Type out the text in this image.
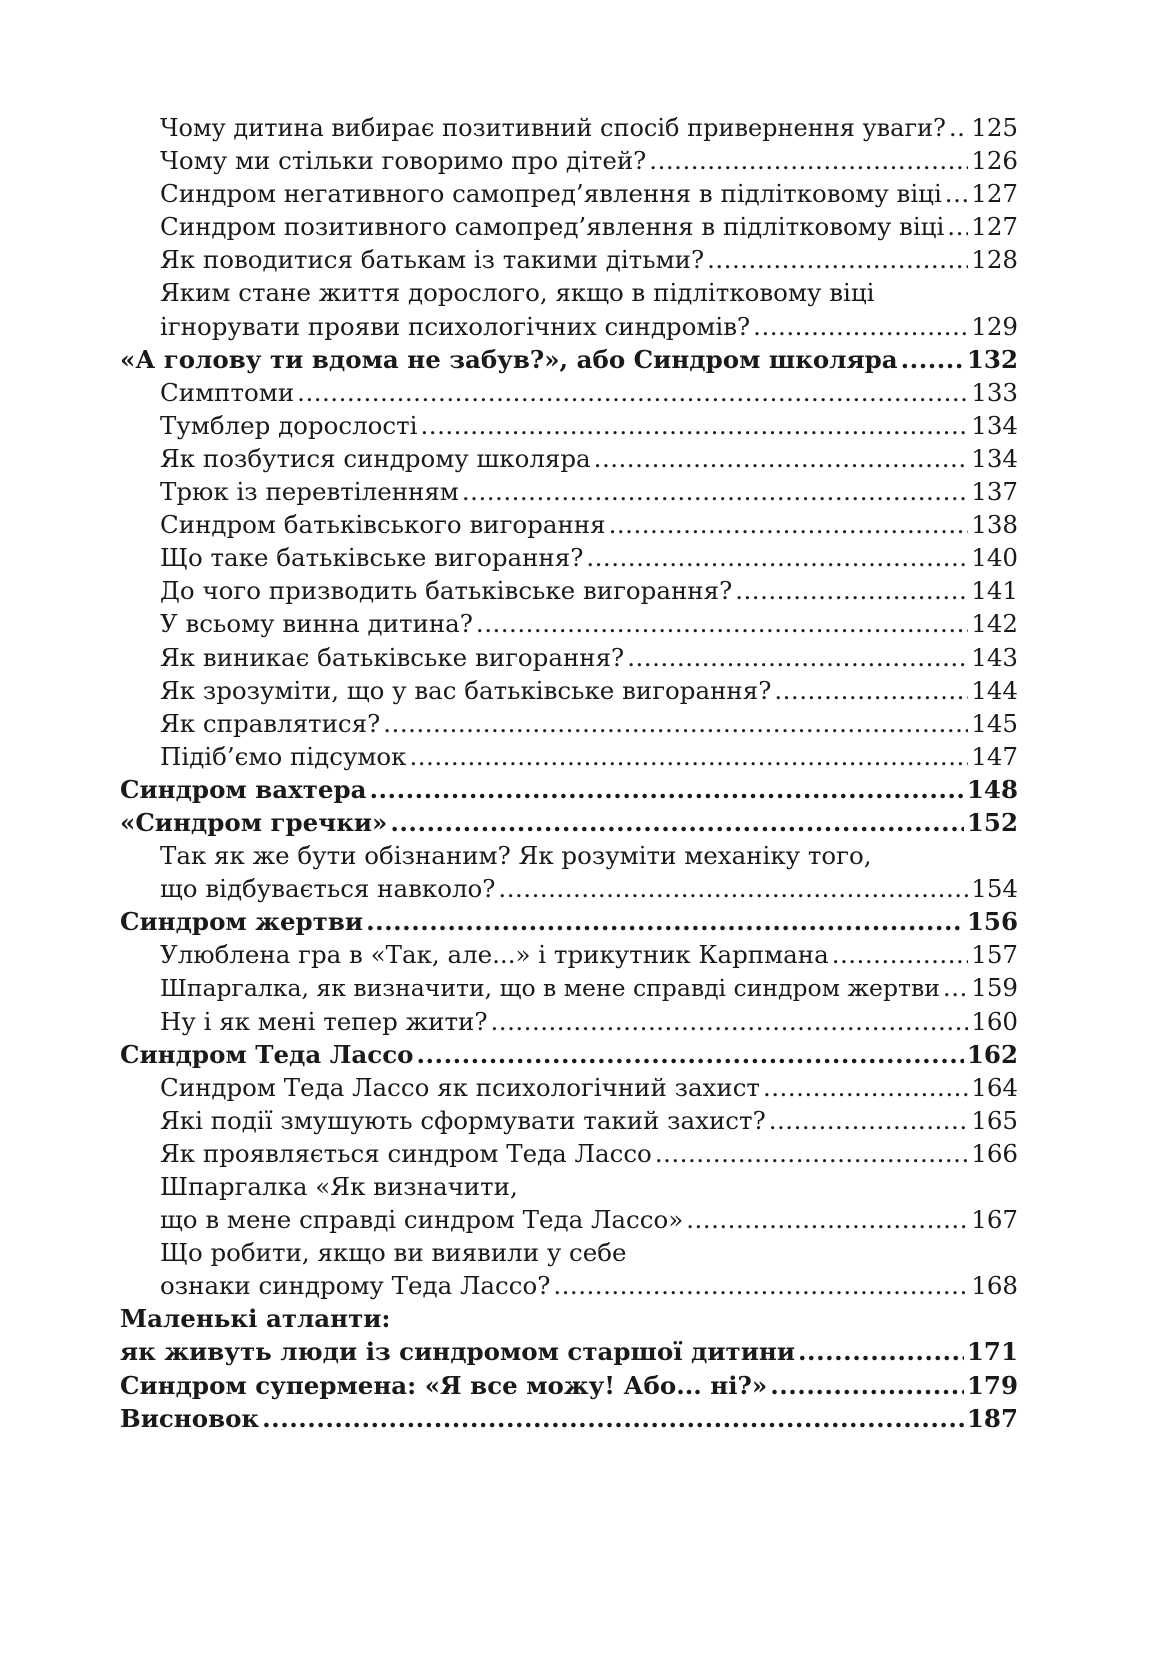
Чому дитина вибирає позитивний спосіб привернення уваги? ..... 125
Чому ми стільки говоримо про дітей? .....	126
Синдром негативного самопред’явлення в підлітковому віці ..... 127
Синдром позитивного самопред’явлення в підлітковому віці ..... 127
Як поводитися батькам із такими дітьми? .....	128
Яким стане життя дорослого, якщо в підлітковому віці
ігнорувати прояви психологічних синдромів? .....	129
«А голову ти вдома не забув?», або Синдром школяра .....	132
Симптоми .....	133
Тумблер дорослості .....	134
Як позбутися синдрому школяра .....	134
Трюк із перевтіленням .....	137
Синдром батьківського вигорання .....	138
Що таке батьківське вигорання? .....	140
До чого призводить батьківське вигорання? .....	141
У всьому винна дитина? .....	142
Як виникає батьківське вигорання? .....	143
Як зрозуміти, що у вас батьківське вигорання? .....	144
Як справлятися? .....	145
Підіб’ємо підсумок .....	147
Синдром вахтера .....	148
«Синдром гречки» .....	152
Так як же бути обізнаним? Як розуміти механіку того,
що відбувається навколо? .....	154
Синдром жертви .....	156
Улюблена гра в «Так, але...» і трикутник Карпмана .....	157
Шпаргалка, як визначити, що в мене справді синдром жертви ..... 159
Ну і як мені тепер жити? .....	160
Синдром Теда Лассо .....	162
Синдром Теда Лассо як психологічний захист .....	164
Які події змушують сформувати такий захист? .....	165
Як проявляється синдром Теда Лассо .....	166
Шпаргалка «Як визначити,
що в мене справді синдром Теда Лассо» .....	167
Що робити, якщо ви виявили у себе
ознаки синдрому Теда Лассо? .....	168
Маленькі атланти:
як живуть люди із синдромом старшої дитини .....	171
Синдром супермена: «Я все можу! Або... ні?» .....	179
Висновок .....	187
